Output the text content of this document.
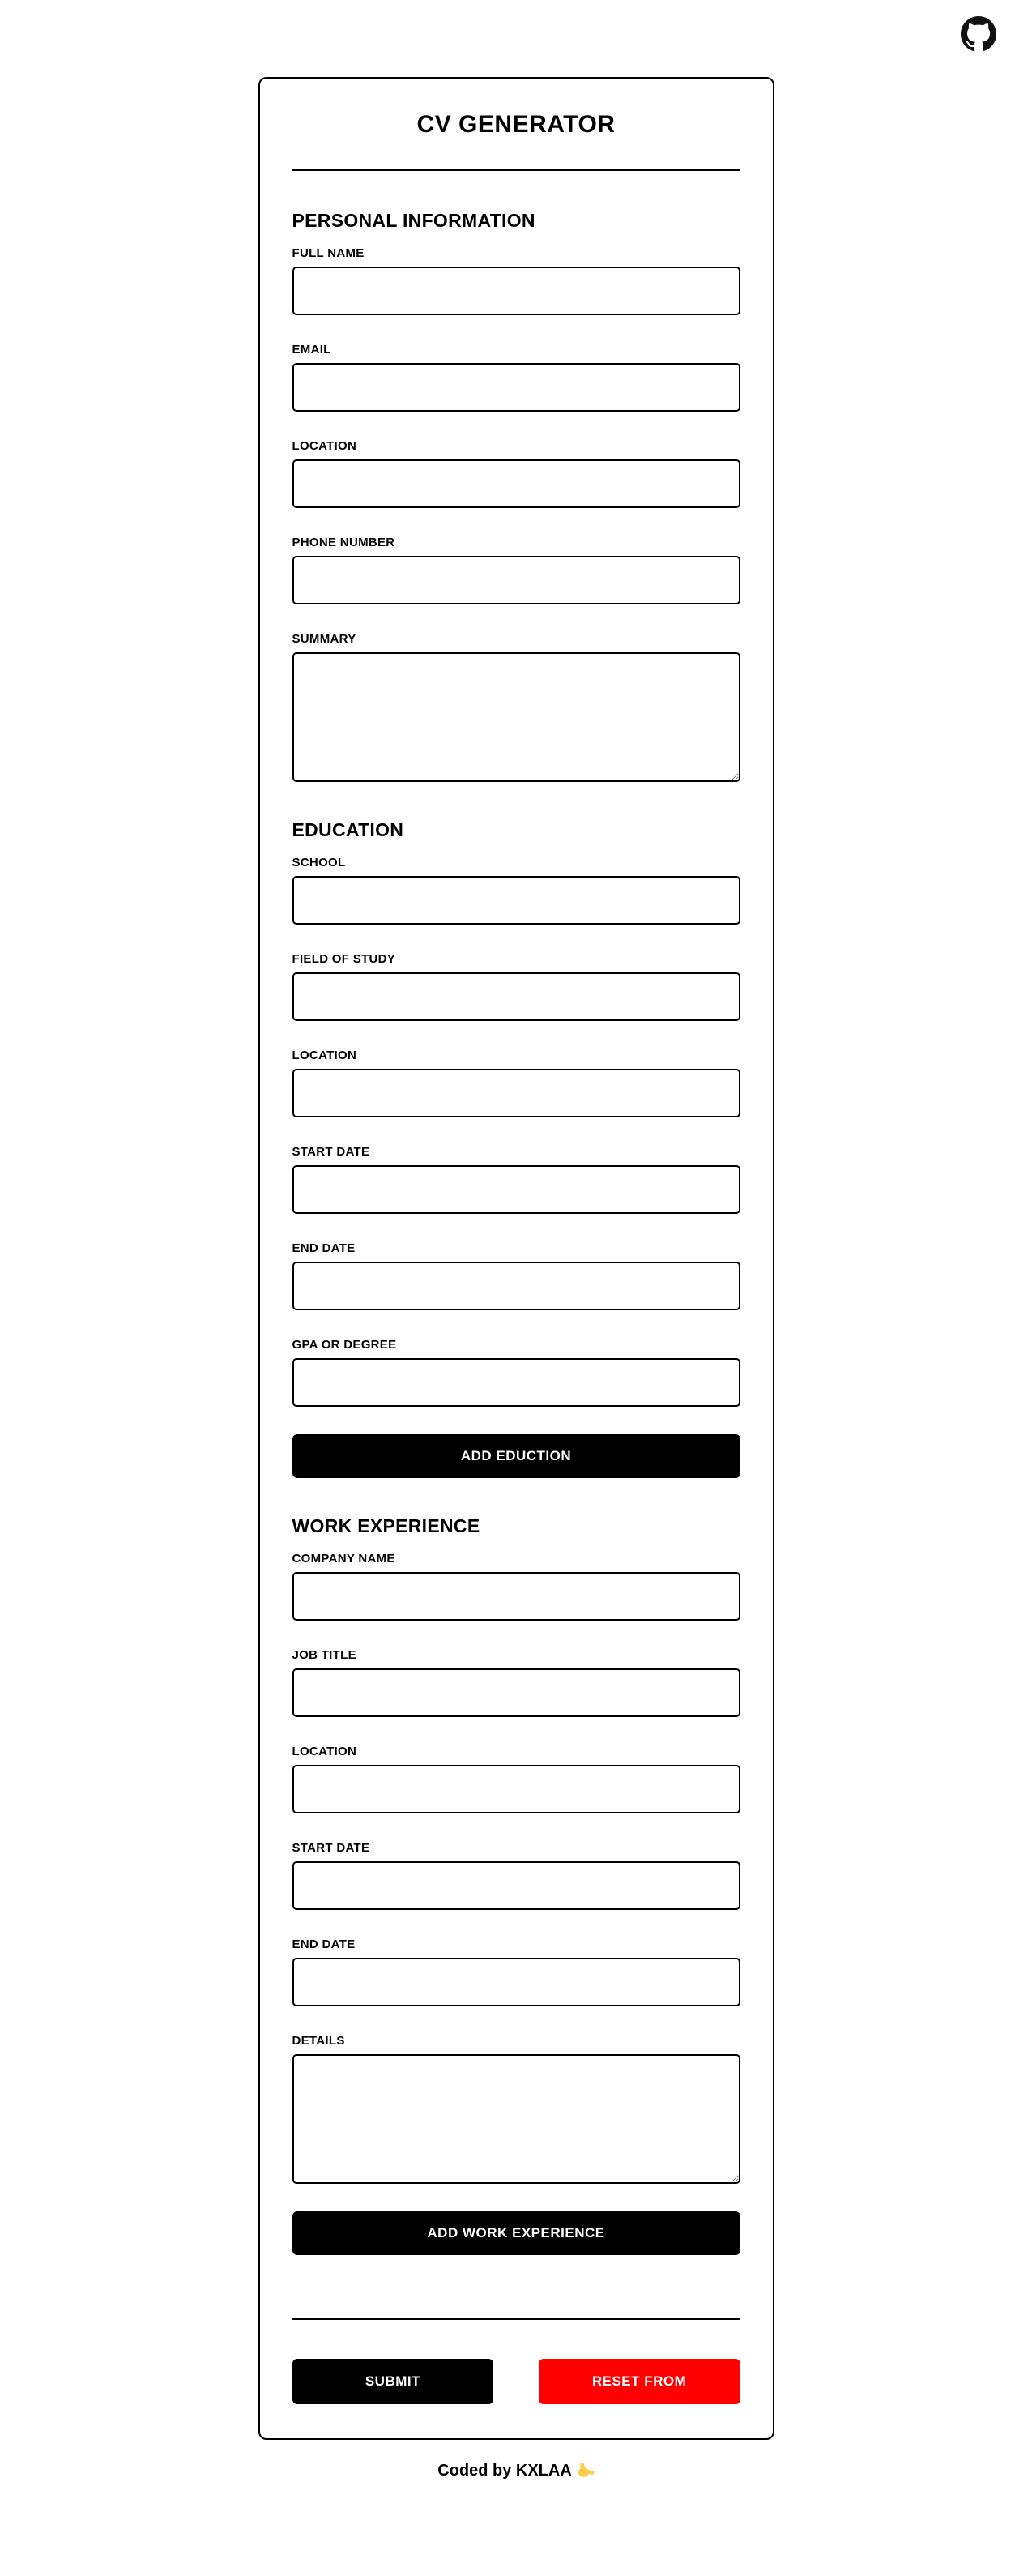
CV GENERATOR
PERSONAL INFORMATION
FULL NAME
EMAIL
LOCATION
PHONE NUMBER
SUMMARY
EDUCATION
SCHOOL
FIELD OF STUDY
LOCATION
START DATE
END DATE
GPA OR DEGREE
ADD EDUCTION
WORK EXPERIENCE
COMPANY NAME
JOB TITLE
LOCATION
START DATE
END DATE
DETAILS
ADD WORK EXPERIENCE
SUBMIT	RESET FROM
Coded by KXLAA
